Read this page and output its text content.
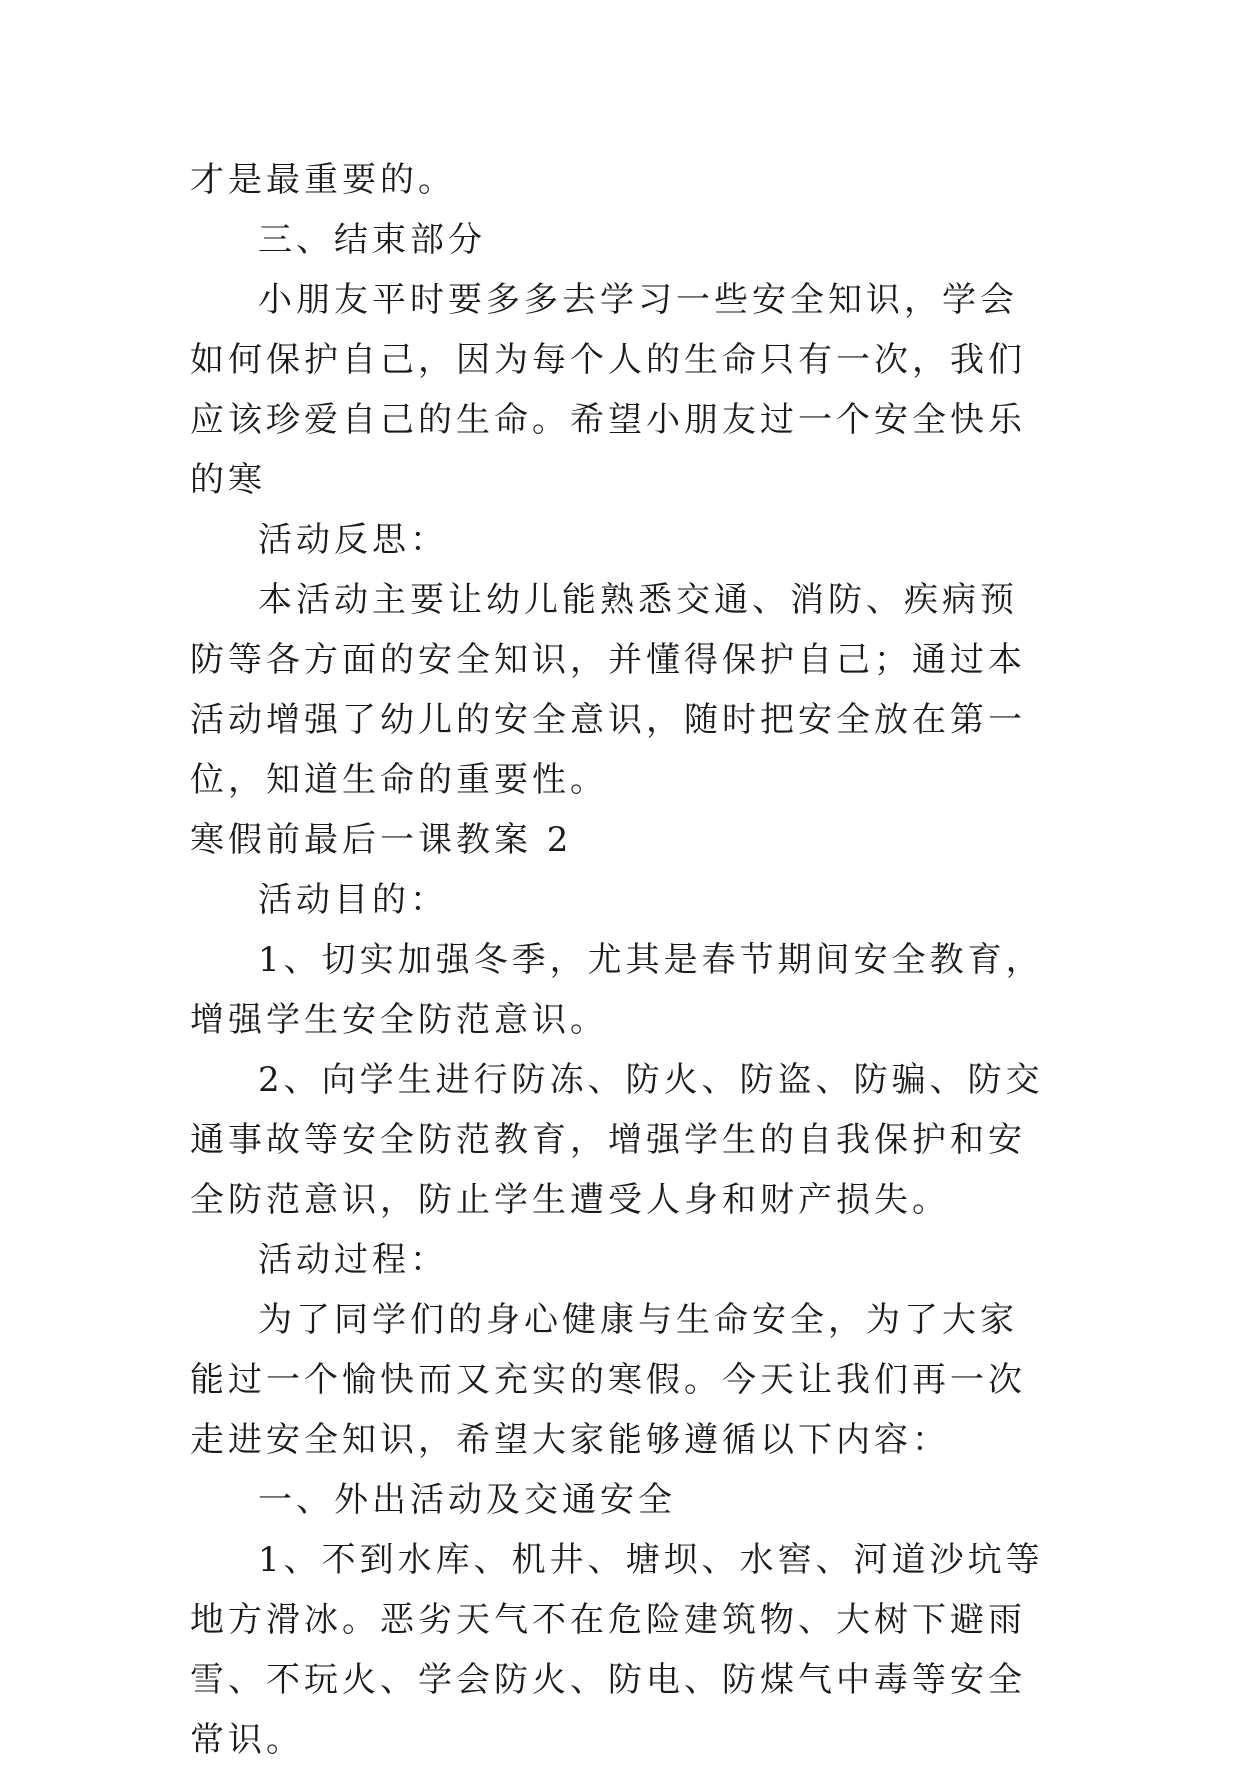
才是最重要的。

三、结束部分

小朋友平时要多多去学习一些安全知识，学会如何保护自己，因为每个人的生命只有一次，我们应该珍爱自己的生命。希望小朋友过一个安全快乐的寒

活动反思：

本活动主要让幼儿能熟悉交通、消防、疾病预防等各方面的安全知识，并懂得保护自己；通过本活动增强了幼儿的安全意识，随时把安全放在第一位，知道生命的重要性。

寒假前最后一课教案 2

活动目的：

1、切实加强冬季，尤其是春节期间安全教育，增强学生安全防范意识。

2、向学生进行防冻、防火、防盗、防骗、防交通事故等安全防范教育，增强学生的自我保护和安全防范意识，防止学生遭受人身和财产损失。

活动过程：

为了同学们的身心健康与生命安全，为了大家能过一个愉快而又充实的寒假。今天让我们再一次走进安全知识，希望大家能够遵循以下内容：

一、外出活动及交通安全

1、不到水库、机井、塘坝、水窖、河道沙坑等地方滑冰。恶劣天气不在危险建筑物、大树下避雨雪、不玩火、学会防火、防电、防煤气中毒等安全常识。
